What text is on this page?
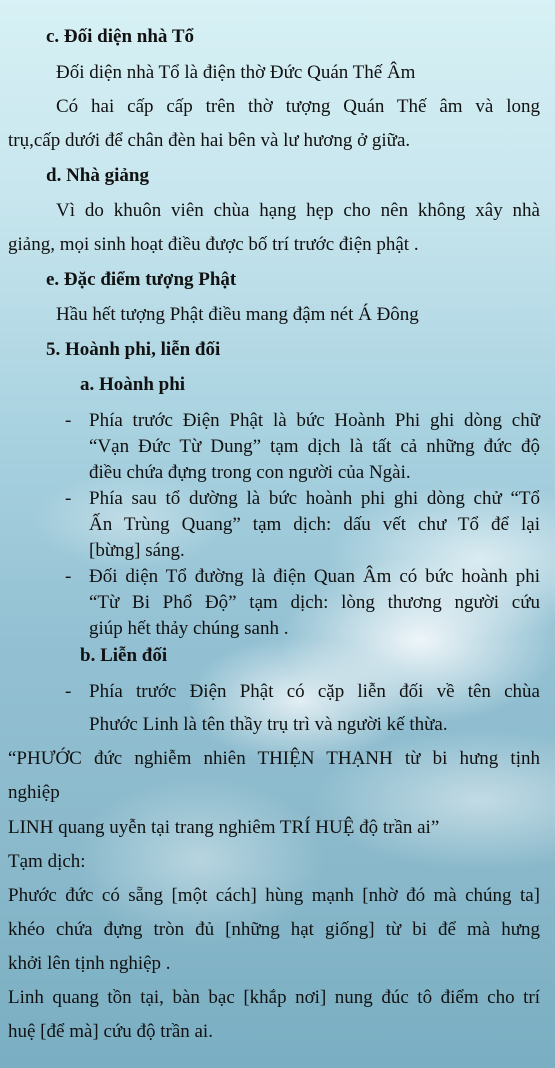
c. Đối diện nhà Tổ
Đối diện nhà Tổ là điện thờ Đức Quán Thế Âm
Có hai cấp cấp trên thờ tượng Quán Thế âm và long
trụ,cấp dưới để chân đèn hai bên và lư hương ở giữa.
d. Nhà giảng
Vì do khuôn viên chùa hạng hẹp cho nên không xây nhà
giảng, mọi sinh hoạt điều được bố trí trước điện phật .
e. Đặc điểm tượng Phật
Hầu hết tượng Phật điều mang đậm nét Á Đông
5. Hoành phi, liễn đối
a. Hoành phi
- Phía trước Điện Phật là bức Hoành Phi ghi dòng chữ
“Vạn Đức Từ Dung” tạm dịch là tất cả những đức độ
điều chứa đựng trong con người của Ngài.
- Phía sau tổ dường là bức hoành phi ghi dòng chử “Tổ
Ấn Trùng Quang” tạm dịch: dấu vết chư Tổ để lại
[bừng] sáng.
- Đối diện Tổ đường là điện Quan Âm có bức hoành phi
“Từ Bi Phổ Độ” tạm dịch: lòng thương người cứu
giúp hết thảy chúng sanh .
b. Liễn đối
- Phía trước Điện Phật có cặp liễn đối về tên chùa
Phước Linh là tên thầy trụ trì và người kế thừa.
“PHƯỚC đức nghiễm nhiên THIỆN THẠNH từ bi hưng tịnh
nghiệp
LINH quang uyễn tại trang nghiêm TRÍ HUỆ độ trần ai”
Tạm dịch:
Phước đức có sẵng [một cách] hùng mạnh [nhờ đó mà chúng ta]
khéo chứa đựng tròn đủ [những hạt giống] từ bi để mà hưng
khởi lên tịnh nghiệp .
Linh quang tồn tại, bàn bạc [khắp nơi] nung đúc tô điểm cho trí
huệ [để mà] cứu độ trần ai.
